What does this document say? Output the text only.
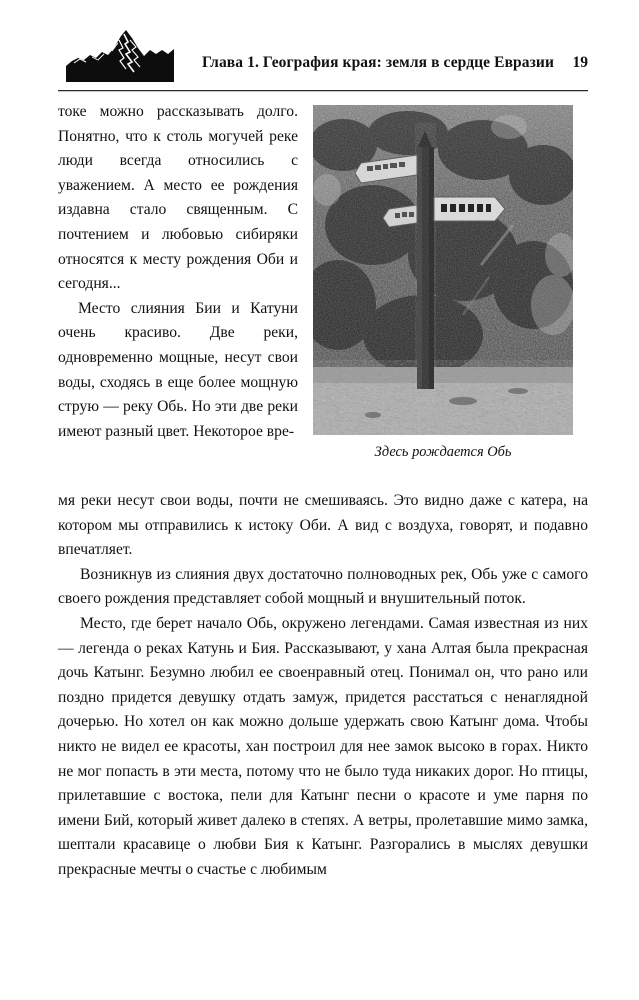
Глава 1. География края: земля в сердце Евразии 19

токе можно рассказывать долго. Понятно, что к столь могучей реке люди всегда относились с уважением. А место ее рождения издавна стало священным. С почтением и любовью сибиряки относятся к месту рождения Оби и сегодня...

Место слияния Бии и Катуни очень красиво. Две реки, одновременно мощные, несут свои воды, сходясь в еще более мощную струю — реку Обь. Но эти две реки имеют разный цвет. Некоторое вре-

Здесь рождается Обь

мя реки несут свои воды, почти не смешиваясь. Это видно даже с катера, на котором мы отправились к истоку Оби. А вид с воздуха, говорят, и подавно впечатляет.

Возникнув из слияния двух достаточно полноводных рек, Обь уже с самого своего рождения представляет собой мощный и внушительный поток.

Место, где берет начало Обь, окружено легендами. Самая известная из них — легенда о реках Катунь и Бия. Рассказывают, у хана Алтая была прекрасная дочь Катынг. Безумно любил ее своенравный отец. Понимал он, что рано или поздно придется девушку отдать замуж, придется расстаться с ненаглядной дочерью. Но хотел он как можно дольше удержать свою Катынг дома. Чтобы никто не видел ее красоты, хан построил для нее замок высоко в горах. Никто не мог попасть в эти места, потому что не было туда никаких дорог. Но птицы, прилетавшие с востока, пели для Катынг песни о красоте и уме парня по имени Бий, который живет далеко в степях. А ветры, пролетавшие мимо замка, шептали красавице о любви Бия к Катынг. Разгорались в мыслях девушки прекрасные мечты о счастье с любимым
